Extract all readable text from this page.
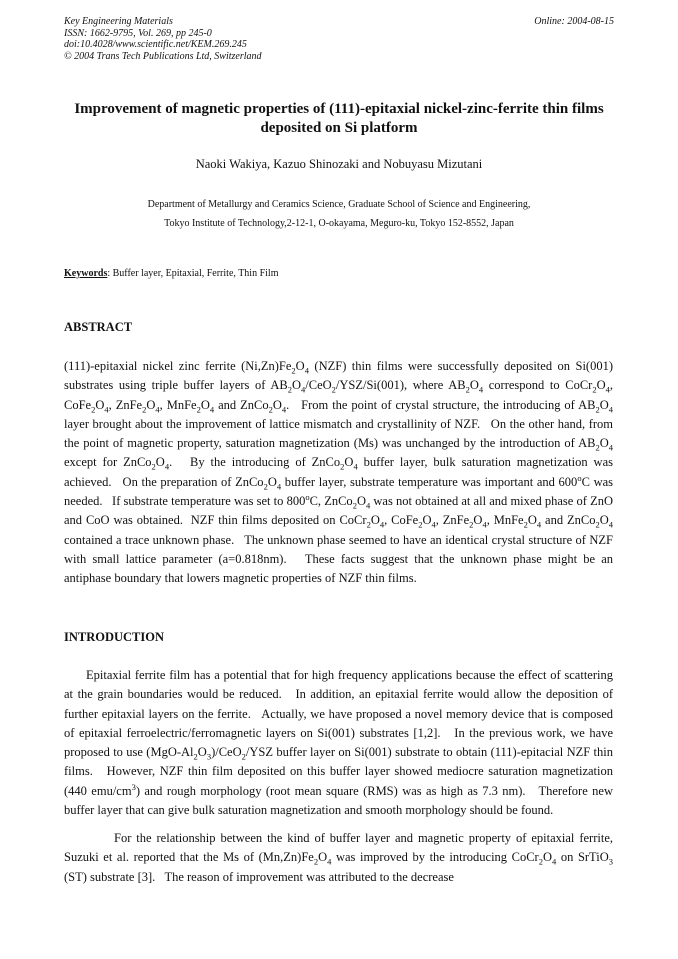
Key Engineering Materials
ISSN: 1662-9795, Vol. 269, pp 245-0
doi:10.4028/www.scientific.net/KEM.269.245
© 2004 Trans Tech Publications Ltd, Switzerland
Online: 2004-08-15
Improvement of magnetic properties of (111)-epitaxial nickel-zinc-ferrite thin films deposited on Si platform
Naoki Wakiya, Kazuo Shinozaki and Nobuyasu Mizutani
Department of Metallurgy and Ceramics Science, Graduate School of Science and Engineering,
Tokyo Institute of Technology,2-12-1, O-okayama, Meguro-ku, Tokyo 152-8552, Japan
Keywords: Buffer layer, Epitaxial, Ferrite, Thin Film
ABSTRACT

(111)-epitaxial nickel zinc ferrite $(Ni,Zn)Fe_2O_4$ (NZF) thin films were successfully deposited on Si(001) substrates using triple buffer layers of $AB_2O_4/CeO_2/YSZ/Si(001)$, where $AB_2O_4$ correspond to $CoCr_2O_4$, $CoFe_2O_4$, $ZnFe_2O_4$, $MnFe_2O_4$ and $ZnCo_2O_4$.   From the point of crystal structure, the introducing of $AB_2O_4$ layer brought about the improvement of lattice mismatch and crystallinity of NZF.   On the other hand, from the point of magnetic property, saturation magnetization (Ms) was unchanged by the introduction of $AB_2O_4$ except for $ZnCo_2O_4$.   By the introducing of $ZnCo_2O_4$ buffer layer, bulk saturation magnetization was achieved.   On the preparation of $ZnCo_2O_4$ buffer layer, substrate temperature was important and 600$^o$C was needed.   If substrate temperature was set to 800$^o$C, $ZnCo_2O_4$ was not obtained at all and mixed phase of ZnO and CoO was obtained.  NZF thin films deposited on $CoCr_2O_4$, $CoFe_2O_4$, $ZnFe_2O_4$, $MnFe_2O_4$ and $ZnCo_2O_4$ contained a trace unknown phase.   The unknown phase seemed to have an identical crystal structure of NZF with small lattice parameter (a=0.818nm).   These facts suggest that the unknown phase might be an antiphase boundary that lowers magnetic properties of NZF thin films.

INTRODUCTION

Epitaxial ferrite film has a potential that for high frequency applications because the effect of scattering at the grain boundaries would be reduced.   In addition, an epitaxial ferrite would allow the deposition of further epitaxial layers on the ferrite.   Actually, we have proposed a novel memory device that is composed of epitaxial ferroelectric/ferromagnetic layers on Si(001) substrates [1,2].   In the previous work, we have proposed to use $(MgO-Al_2O_3)/CeO_2$/YSZ buffer layer on Si(001) substrate to obtain (111)-epitacial NZF thin films.   However, NZF thin film deposited on this buffer layer showed mediocre saturation magnetization (440 emu/$cm^3$) and rough morphology (root mean square (RMS) was as high as 7.3 nm).   Therefore new buffer layer that can give bulk saturation magnetization and smooth morphology should be found.

For the relationship between the kind of buffer layer and magnetic property of epitaxial ferrite, Suzuki et al. reported that the Ms of $(Mn,Zn)Fe_2O_4$ was improved by the introducing $CoCr_2O_4$ on SrTiO$_3$ (ST) substrate [3].   The reason of improvement was attributed to the decrease
